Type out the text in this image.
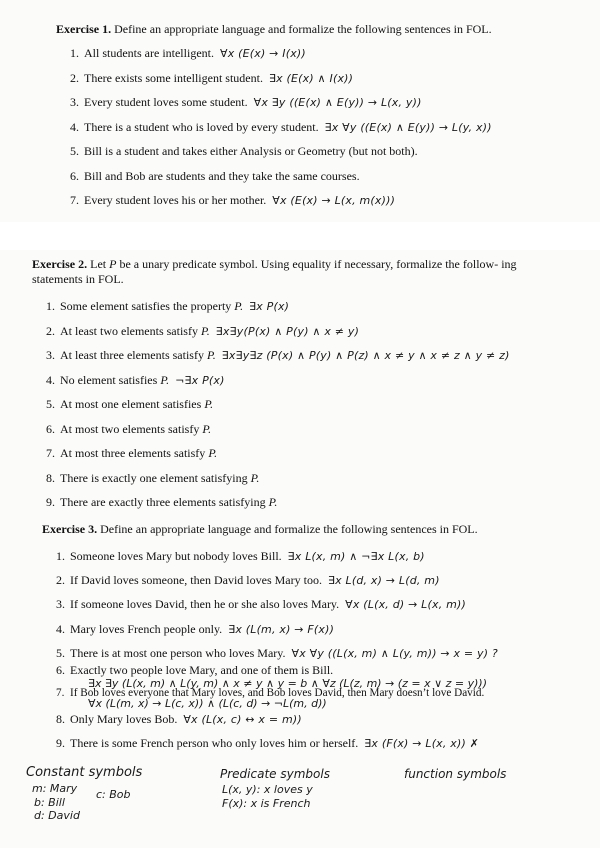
Exercise 1. Define an appropriate language and formalize the following sentences in FOL.
1. All students are intelligent. ∀x (E(x) → I(x))
2. There exists some intelligent student. ∃x (E(x) ∧ I(x))
3. Every student loves some student. ∀x ∃y ((E(x) ∧ E(y)) → L(x, y))
4. There is a student who is loved by every student. ∃x ∀y ((E(x) ∧ E(y)) → L(y, x))
5. Bill is a student and takes either Analysis or Geometry (but not both).
6. Bill and Bob are students and they take the same courses.
7. Every student loves his or her mother. ∀x (E(x) → L(x, m(x)))
Exercise 2. Let P be a unary predicate symbol. Using equality if necessary, formalize the follow- ing statements in FOL.
1. Some element satisfies the property P. ∃x P(x)
2. At least two elements satisfy P. ∃x∃y(P(x) ∧ P(y) ∧ x ≠ y)
3. At least three elements satisfy P. ∃x∃y∃z (P(x) ∧ P(y) ∧ P(z) ∧ x ≠ y ∧ x ≠ z ∧ y ≠ z)
4. No element satisfies P. ¬∃x P(x)
5. At most one element satisfies P.
6. At most two elements satisfy P.
7. At most three elements satisfy P.
8. There is exactly one element satisfying P.
9. There are exactly three elements satisfying P.
Exercise 3. Define an appropriate language and formalize the following sentences in FOL.
1. Someone loves Mary but nobody loves Bill. ∃x L(x, m) ∧ ¬∃x L(x, b)
2. If David loves someone, then David loves Mary too. ∃x L(d, x) → L(d, m)
3. If someone loves David, then he or she also loves Mary. ∀x (L(x, d) → L(x, m))
4. Mary loves French people only. ∃x (L(m, x) → F(x))
5. There is at most one person who loves Mary. ∀x ∀y ((L(x, m) ∧ L(y, m)) → x = y) ?
6. Exactly two people love Mary, and one of them is Bill.
7. If Bob loves everyone that Mary loves, and Bob loves David, then Mary doesn’t love David.
8. Only Mary loves Bob. ∀x (L(x, c) ↔ x = m))
9. There is some French person who only loves him or herself. ∃x (F(x) → L(x, x)) ✗
∃x ∃y (L(x, m) ∧ L(y, m) ∧ x ≠ y ∧ y = b ∧ ∀z (L(z, m) → (z = x ∨ z = y)))
∀x (L(m, x) → L(c, x)) ∧ (L(c, d) → ¬L(m, d))
Constant symbols
m: Mary
b: Bill
d: David
c: Bob
Predicate symbols
L(x, y): x loves y
F(x): x is French
function symbols
